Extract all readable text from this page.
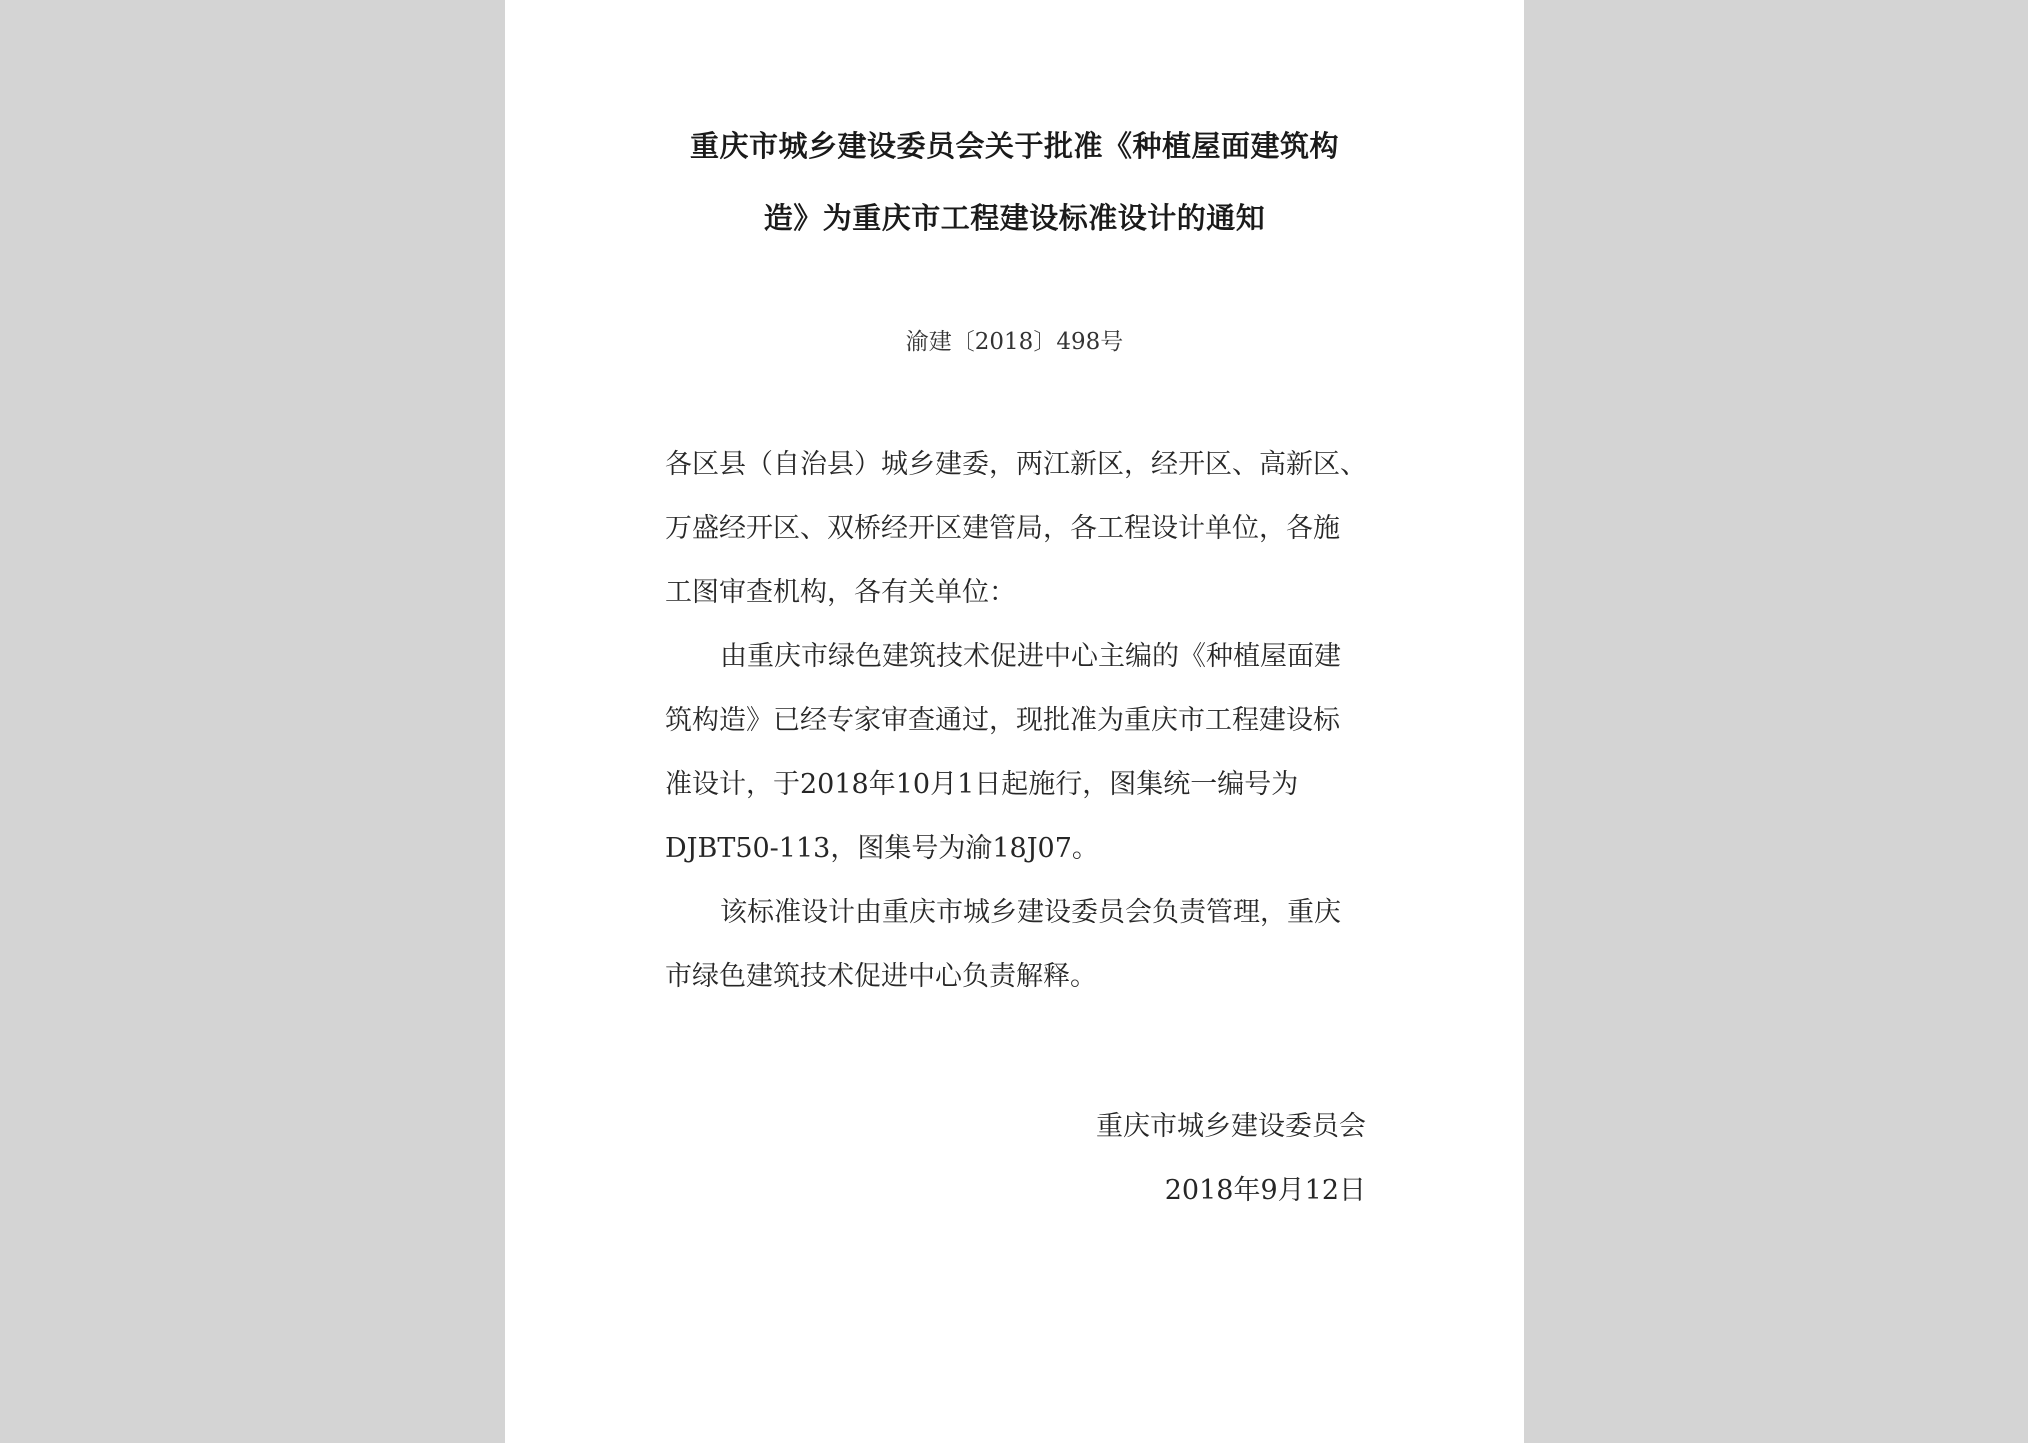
重庆市城乡建设委员会关于批准《种植屋面建筑构
造》为重庆市工程建设标准设计的通知
渝建〔2018〕498号
各区县（自治县）城乡建委，两江新区，经开区、高新区、
万盛经开区、双桥经开区建管局，各工程设计单位，各施
工图审查机构，各有关单位：
由重庆市绿色建筑技术促进中心主编的《种植屋面建
筑构造》已经专家审查通过，现批准为重庆市工程建设标
准设计，于2018年10月1日起施行，图集统一编号为
DJBT50-113，图集号为渝18J07。
该标准设计由重庆市城乡建设委员会负责管理，重庆
市绿色建筑技术促进中心负责解释。
重庆市城乡建设委员会
2018年9月12日
